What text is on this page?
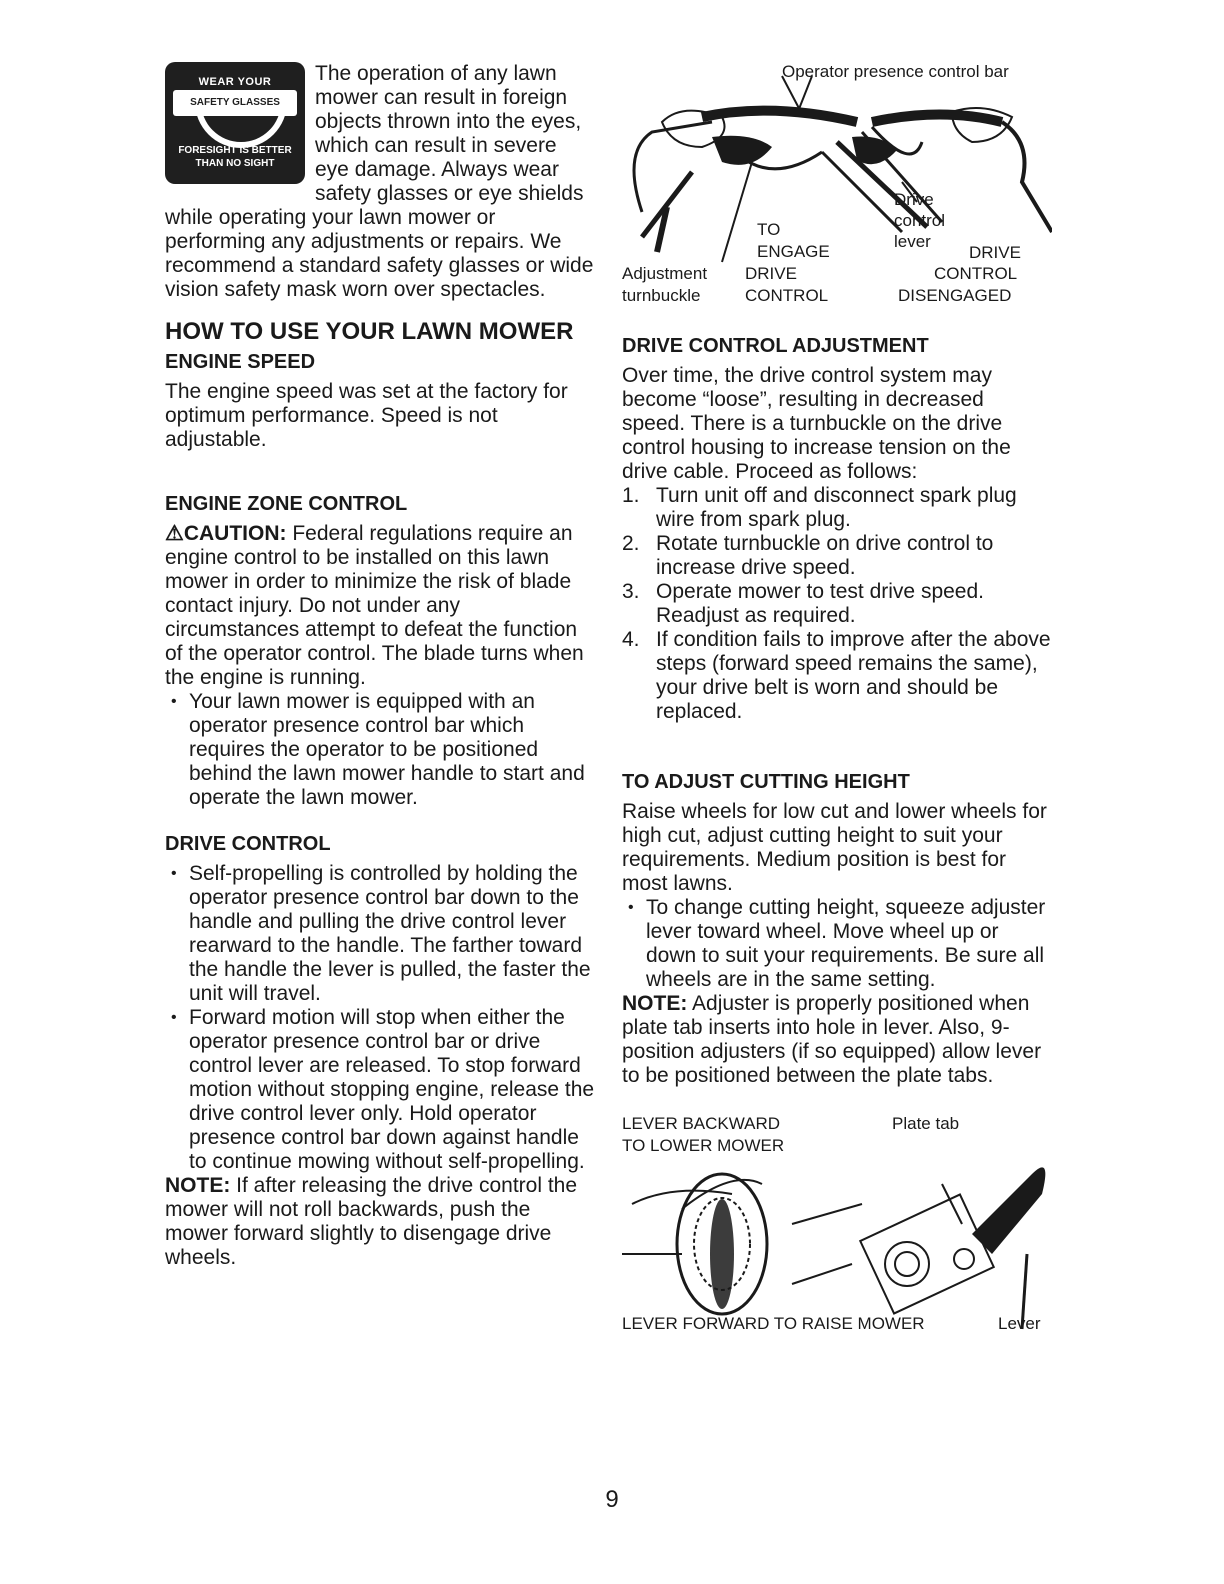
WEAR YOUR
SAFETY GLASSES
FORESIGHT IS BETTER
THAN NO SIGHT

The operation of any lawn mower can result in foreign objects thrown into the eyes, which can result in severe eye damage. Always wear safety glasses or eye shields while operating your lawn mower or performing any adjustments or repairs. We recommend a standard safety glasses or wide vision safety mask worn over spectacles.

HOW TO USE YOUR LAWN MOWER
ENGINE SPEED

The engine speed was set at the factory for optimum performance. Speed is not adjustable.

ENGINE ZONE CONTROL

⚠CAUTION: Federal regulations require an engine control to be installed on this lawn mower in order to minimize the risk of blade contact injury. Do not under any circumstances attempt to defeat the function of the operator control. The blade turns when the engine is running.

• Your lawn mower is equipped with an operator presence control bar which requires the operator to be positioned behind the lawn mower handle to start and operate the lawn mower.
DRIVE CONTROL
• Self-propelling is controlled by holding the operator presence control bar down to the handle and pulling the drive control lever rearward to the handle. The farther toward the handle the lever is pulled, the faster the unit will travel.
• Forward motion will stop when either the operator presence control bar or drive control lever are released. To stop forward motion without stopping engine, release the drive control lever only. Hold operator presence control bar down against handle to continue mowing without self-propelling.

NOTE: If after releasing the drive control the mower will not roll backwards, push the mower forward slightly to disengage drive wheels.

Operator presence control bar
Drive
control
lever
TO
ENGAGE
DRIVE
CONTROL
Adjustment
turnbuckle
DRIVE
CONTROL
DISENGAGED
DRIVE CONTROL ADJUSTMENT

Over time, the drive control system may become “loose”, resulting in decreased speed. There is a turnbuckle on the drive control housing to increase tension on the drive cable. Proceed as follows:

1. Turn unit off and disconnect spark plug wire from spark plug.
2. Rotate turnbuckle on drive control to increase drive speed.
3. Operate mower to test drive speed. Readjust as required.
4. If condition fails to improve after the above steps (forward speed remains the same), your drive belt is worn and should be replaced.
TO ADJUST CUTTING HEIGHT

Raise wheels for low cut and lower wheels for high cut, adjust cutting height to suit your requirements. Medium position is best for most lawns.

• To change cutting height, squeeze adjuster lever toward wheel. Move wheel up or down to suit your requirements. Be sure all wheels are in the same setting.

NOTE: Adjuster is properly positioned when plate tab inserts into hole in lever. Also, 9-position adjusters (if so equipped) allow lever to be positioned between the plate tabs.

LEVER BACKWARD
TO LOWER MOWER
Plate tab
LEVER FORWARD TO RAISE MOWER	Lever
9
